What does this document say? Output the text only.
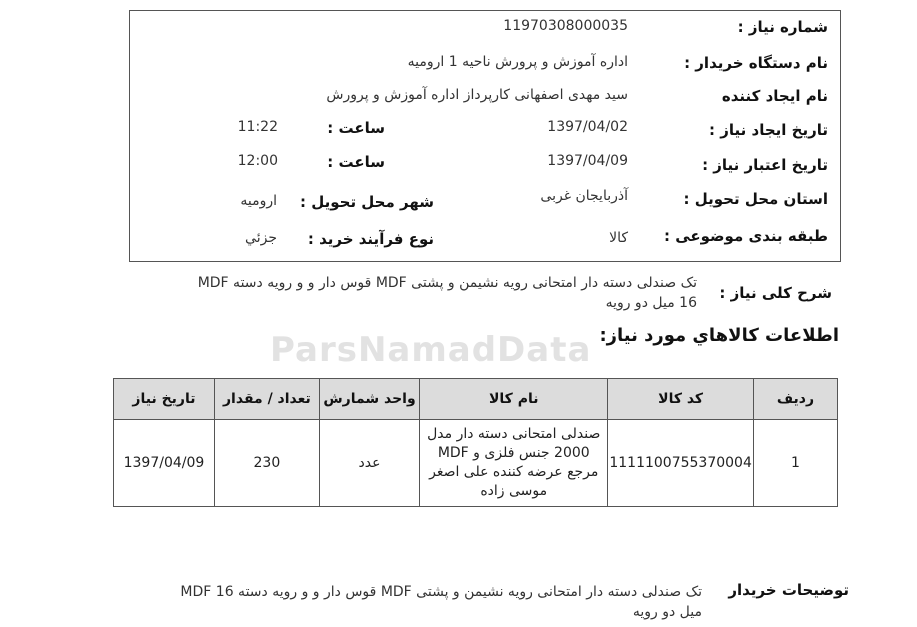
ParsNamadData
شماره نیاز :
11970308000035
نام دستگاه خریدار :
اداره آموزش و پرورش ناحیه 1 ارومیه
نام ایجاد کننده
سید مهدی اصفهانی کارپرداز اداره آموزش و پرورش
تاریخ ایجاد نیاز :
1397/04/02
ساعت :
11:22
تاریخ اعتبار نیاز :
1397/04/09
ساعت :
12:00
استان محل تحویل :
آذربایجان غربی
شهر محل تحویل :
ارومیه
طبقه بندی موضوعی :
کالا
نوع فرآیند خرید :
جزئي
شرح کلی نیاز :
تک صندلی دسته دار امتحانی رویه نشیمن و پشتی MDF قوس دار و و رویه دسته MDF
16 میل دو رویه
اطلاعات کالاهاي مورد نياز:
ردیف	کد کالا	نام کالا	واحد شمارش	تعداد / مقدار	تاریخ نیاز
1	1111100755370004	صندلی امتحانی دسته دار مدل 2000 جنس فلزی و MDF مرجع عرضه کننده علی اصغر موسی زاده	عدد	230	1397/04/09
توضیحات خریدار
تک صندلی دسته دار امتحانی رویه نشیمن و پشتی MDF قوس دار و و رویه دسته 16 MDF
میل دو رویه
